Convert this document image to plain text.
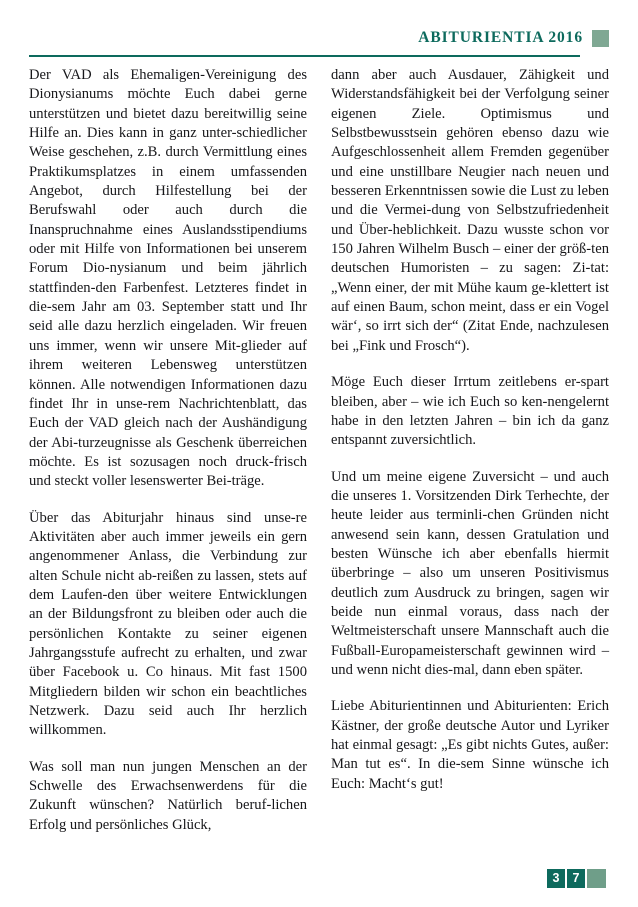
ABITURIENTIA 2016

Der VAD als Ehemaligen-Vereinigung des Dionysianums möchte Euch dabei gerne unterstützen und bietet dazu bereitwillig seine Hilfe an. Dies kann in ganz unter-schiedlicher Weise geschehen, z.B. durch Vermittlung eines Praktikumsplatzes in einem umfassenden Angebot, durch Hilfestellung bei der Berufswahl oder auch durch die Inanspruchnahme eines Auslandsstipendiums oder mit Hilfe von Informationen bei unserem Forum Dio-nysianum und beim jährlich stattfinden-den Farbenfest. Letzteres findet in die-sem Jahr am 03. September statt und Ihr seid alle dazu herzlich eingeladen. Wir freuen uns immer, wenn wir unsere Mit-glieder auf ihrem weiteren Lebensweg unterstützen können. Alle notwendigen Informationen dazu findet Ihr in unse-rem Nachrichtenblatt, das Euch der VAD gleich nach der Aushändigung der Abi-turzeugnisse als Geschenk überreichen möchte. Es ist sozusagen noch druck-frisch und steckt voller lesenswerter Bei-träge.

Über das Abiturjahr hinaus sind unse-re Aktivitäten aber auch immer jeweils ein gern angenommener Anlass, die Verbindung zur alten Schule nicht ab-reißen zu lassen, stets auf dem Laufen-den über weitere Entwicklungen an der Bildungsfront zu bleiben oder auch die persönlichen Kontakte zu seiner eigenen Jahrgangsstufe aufrecht zu erhalten, und zwar über Facebook u. Co hinaus. Mit fast 1500 Mitgliedern bilden wir schon ein beachtliches Netzwerk. Dazu seid auch Ihr herzlich willkommen.

Was soll man nun jungen Menschen an der Schwelle des Erwachsenwerdens für die Zukunft wünschen? Natürlich beruf-lichen Erfolg und persönliches Glück,

dann aber auch Ausdauer, Zähigkeit und Widerstandsfähigkeit bei der Verfolgung seiner eigenen Ziele. Optimismus und Selbstbewusstsein gehören ebenso dazu wie Aufgeschlossenheit allem Fremden gegenüber und eine unstillbare Neugier nach neuen und besseren Erkenntnissen sowie die Lust zu leben und die Vermei-dung von Selbstzufriedenheit und Über-heblichkeit. Dazu wusste schon vor 150 Jahren Wilhelm Busch – einer der größ-ten deutschen Humoristen – zu sagen: Zi-tat: „Wenn einer, der mit Mühe kaum ge-klettert ist auf einen Baum, schon meint, dass er ein Vogel wär‘, so irrt sich der“ (Zitat Ende, nachzulesen bei „Fink und Frosch“).

Möge Euch dieser Irrtum zeitlebens er-spart bleiben, aber – wie ich Euch so ken-nengelernt habe in den letzten Jahren – bin ich da ganz entspannt zuversichtlich.

Und um meine eigene Zuversicht – und auch die unseres 1. Vorsitzenden Dirk Terhechte, der heute leider aus terminli-chen Gründen nicht anwesend sein kann, dessen Gratulation und besten Wünsche ich aber ebenfalls hiermit überbringe – also um unseren Positivismus deutlich zum Ausdruck zu bringen, sagen wir beide nun einmal voraus, dass nach der Weltmeisterschaft unsere Mannschaft auch die Fußball-Europameisterschaft gewinnen wird – und wenn nicht dies-mal, dann eben später.

Liebe Abiturientinnen und Abiturienten: Erich Kästner, der große deutsche Autor und Lyriker hat einmal gesagt: „Es gibt nichts Gutes, außer: Man tut es“. In die-sem Sinne wünsche ich Euch: Macht‘s gut!

3	7
